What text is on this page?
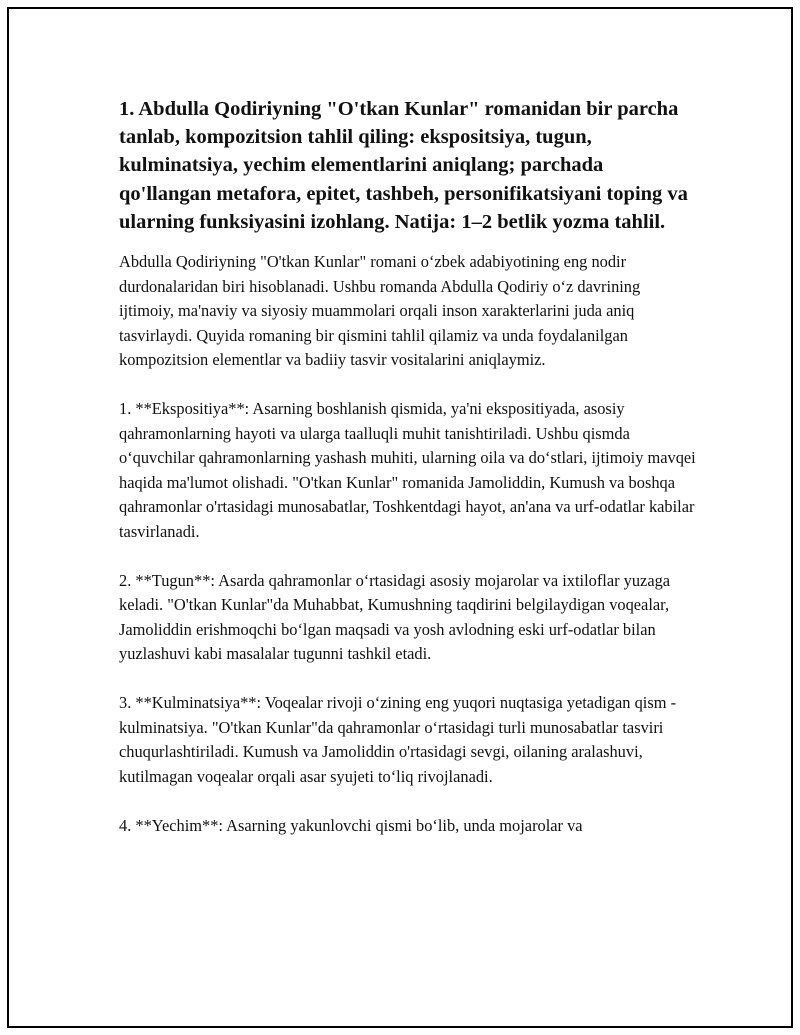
1. Abdulla Qodiriyning "O'tkan Kunlar" romanidan bir parcha tanlab, kompozitsion tahlil qiling: ekspositsiya, tugun, kulminatsiya, yechim elementlarini aniqlang; parchada qo'llangan metafora, epitet, tashbeh, personifikatsiyani toping va ularning funksiyasini izohlang. Natija: 1–2 betlik yozma tahlil.

Abdulla Qodiriyning "O'tkan Kunlar" romani o‘zbek adabiyotining eng nodir durdonalaridan biri hisoblanadi. Ushbu romanda Abdulla Qodiriy o‘z davrining ijtimoiy, ma'naviy va siyosiy muammolari orqali inson xarakterlarini juda aniq tasvirlaydi. Quyida romaning bir qismini tahlil qilamiz va unda foydalanilgan kompozitsion elementlar va badiiy tasvir vositalarini aniqlaymiz.

1. **Ekspositiya**: Asarning boshlanish qismida, ya'ni ekspositiyada, asosiy qahramonlarning hayoti va ularga taalluqli muhit tanishtiriladi. Ushbu qismda o‘quvchilar qahramonlarning yashash muhiti, ularning oila va do‘stlari, ijtimoiy mavqei haqida ma'lumot olishadi. "O'tkan Kunlar" romanida Jamoliddin, Kumush va boshqa qahramonlar o'rtasidagi munosabatlar, Toshkentdagi hayot, an'ana va urf-odatlar kabilar tasvirlanadi.

2. **Tugun**: Asarda qahramonlar o‘rtasidagi asosiy mojarolar va ixtiloflar yuzaga keladi. "O'tkan Kunlar"da Muhabbat, Kumushning taqdirini belgilaydigan voqealar, Jamoliddin erishmoqchi bo‘lgan maqsadi va yosh avlodning eski urf-odatlar bilan yuzlashuvi kabi masalalar tugunni tashkil etadi.

3. **Kulminatsiya**: Voqealar rivoji o‘zining eng yuqori nuqtasiga yetadigan qism - kulminatsiya. "O'tkan Kunlar"da qahramonlar o‘rtasidagi turli munosabatlar tasviri chuqurlashtiriladi. Kumush va Jamoliddin o'rtasidagi sevgi, oilaning aralashuvi, kutilmagan voqealar orqali asar syujeti to‘liq rivojlanadi.

4. **Yechim**: Asarning yakunlovchi qismi bo‘lib, unda mojarolar va
